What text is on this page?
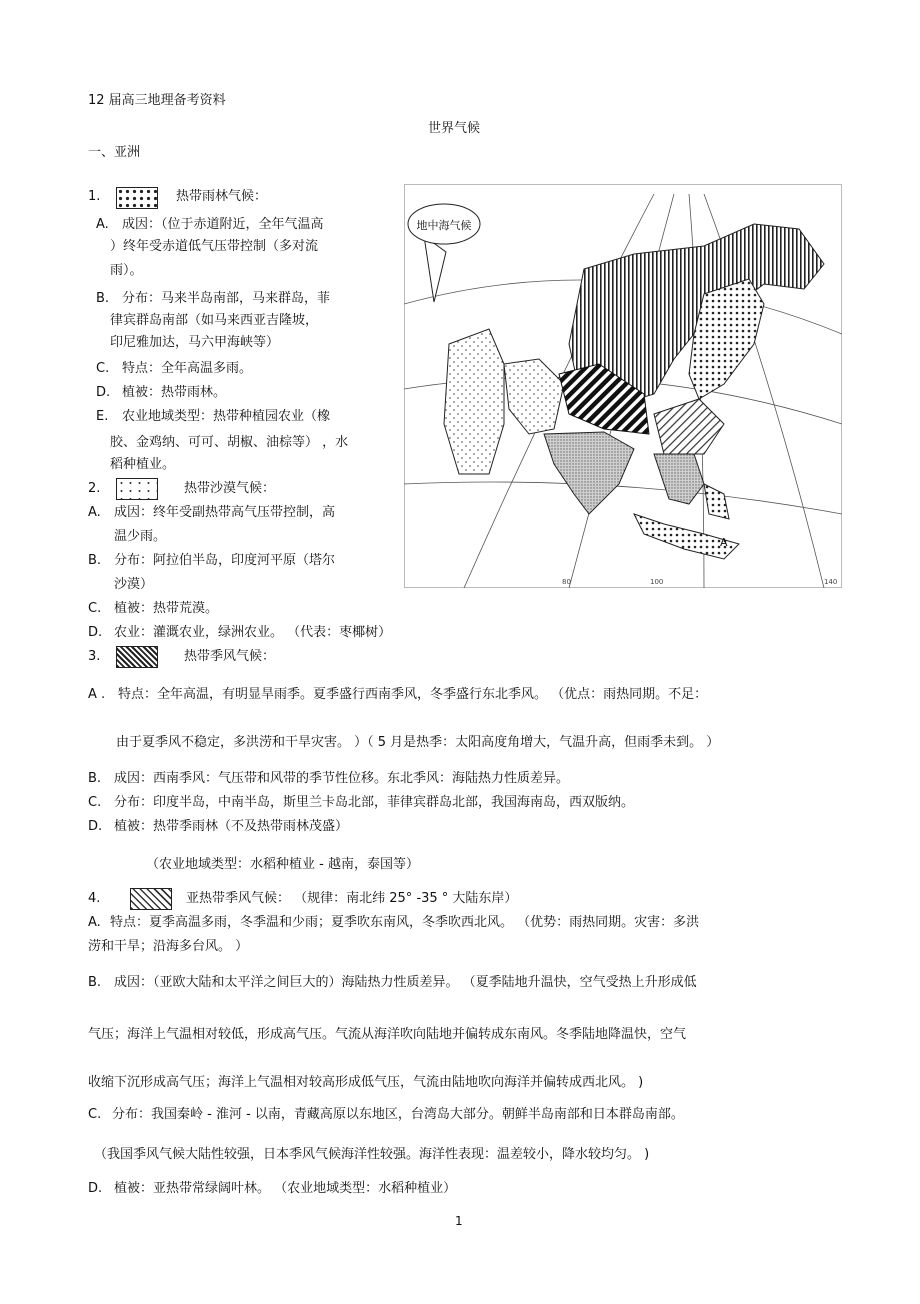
12 届高三地理备考资料
世界气候
一、亚洲
1.	热带雨林气候：
A. 成因：（位于赤道附近，全年气温高
）终年受赤道低气压带控制（多对流
雨）。
B. 分布：马来半岛南部，马来群岛，菲
律宾群岛南部（如马来西亚吉隆坡，
印尼雅加达，马六甲海峡等）
C. 特点：全年高温多雨。
D. 植被：热带雨林。
E. 农业地域类型：热带种植园农业（橡
胶、金鸡纳、可可、胡椒、油棕等） ，水
稻种植业。
2.	热带沙漠气候：
A. 成因：终年受副热带高气压带控制，高
温少雨。
B. 分布：阿拉伯半岛，印度河平原（塔尔
沙漠）
C. 植被：热带荒漠。
D. 农业：灌溉农业，绿洲农业。 （代表：枣椰树）
3.	热带季风气候：
A . 特点：全年高温，有明显旱雨季。夏季盛行西南季风，冬季盛行东北季风。 （优点：雨热同期。不足：
由于夏季风不稳定，多洪涝和干旱灾害。 ）（ 5 月是热季：太阳高度角增大，气温升高，但雨季未到。 ）
B. 成因：西南季风：气压带和风带的季节性位移。东北季风：海陆热力性质差异。
C. 分布：印度半岛，中南半岛，斯里兰卡岛北部，菲律宾群岛北部，我国海南岛，西双版纳。
D. 植被：热带季雨林（不及热带雨林茂盛）
（农业地域类型：水稻种植业 - 越南，泰国等）
4.	亚热带季风气候： （规律：南北纬 25° -35 ° 大陆东岸）
A. 特点：夏季高温多雨，冬季温和少雨；夏季吹东南风，冬季吹西北风。 （优势：雨热同期。灾害：多洪
涝和干旱；沿海多台风。 ）
B. 成因：（亚欧大陆和太平洋之间巨大的）海陆热力性质差异。 （夏季陆地升温快，空气受热上升形成低
气压；海洋上气温相对较低，形成高气压。气流从海洋吹向陆地并偏转成东南风。冬季陆地降温快，空气
收缩下沉形成高气压；海洋上气温相对较高形成低气压，气流由陆地吹向海洋并偏转成西北风。 )
C. 分布：我国秦岭 - 淮河 - 以南，青藏高原以东地区，台湾岛大部分。朝鲜半岛南部和日本群岛南部。
（我国季风气候大陆性较强，日本季风气候海洋性较强。海洋性表现：温差较小，降水较均匀。 )
D. 植被：亚热带常绿阔叶林。 （农业地域类型：水稻种植业）
地中海气候
A
80	100	140
1
